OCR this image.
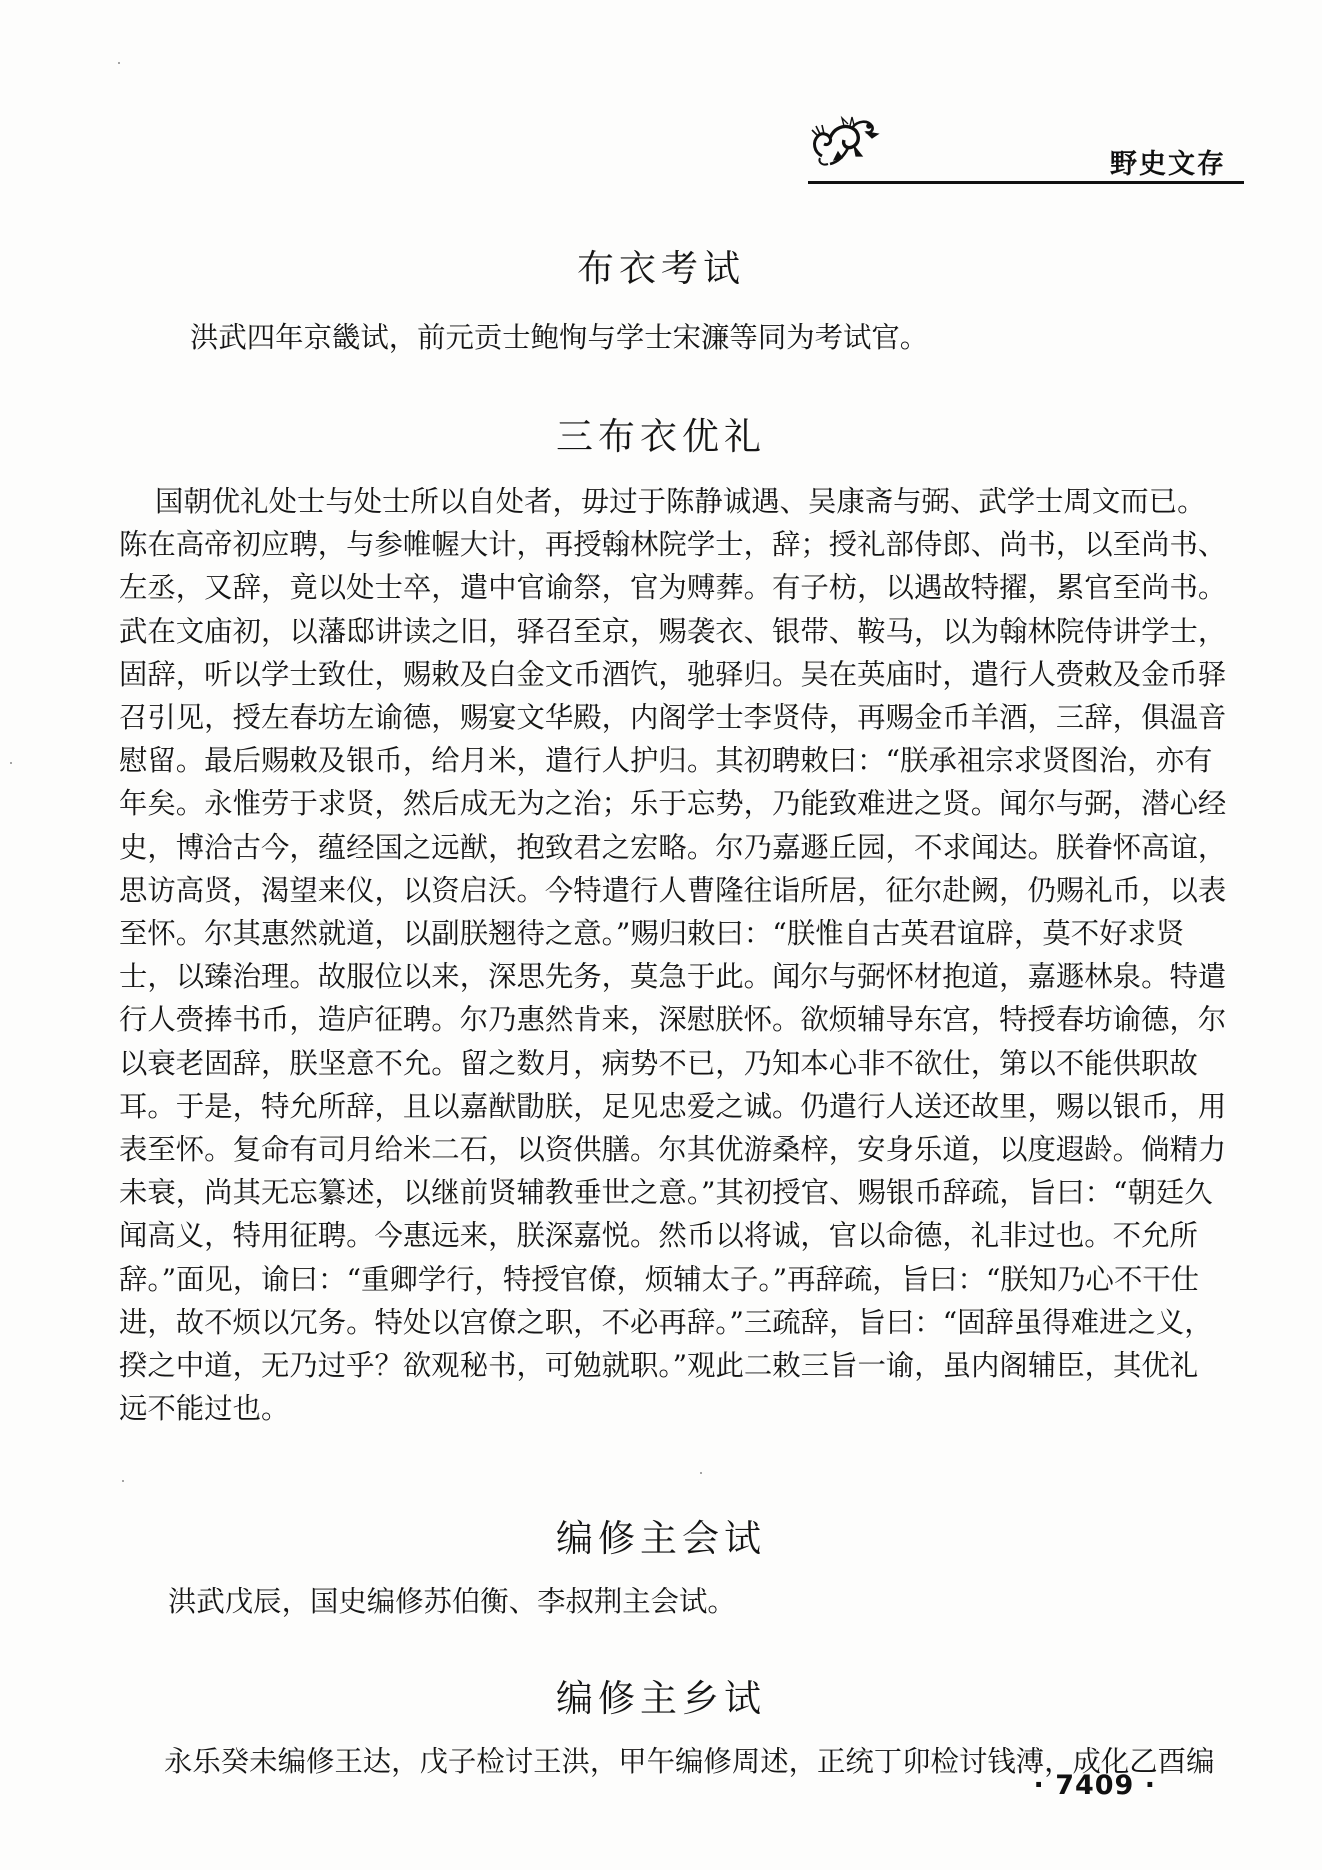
野史文存
布衣考试

洪武四年京畿试，前元贡士鲍恂与学士宋濂等同为考试官。

三布衣优礼

国朝优礼处士与处士所以自处者，毋过于陈静诚遇、吴康斋与弼、武学士周文而已。
陈在高帝初应聘，与参帷幄大计，再授翰林院学士，辞；授礼部侍郎、尚书，以至尚书、
左丞，又辞，竟以处士卒，遣中官谕祭，官为赙葬。有子枋，以遇故特擢，累官至尚书。
武在文庙初，以藩邸讲读之旧，驿召至京，赐袭衣、银带、鞍马，以为翰林院侍讲学士，
固辞，听以学士致仕，赐敕及白金文币酒饩，驰驿归。吴在英庙时，遣行人赍敕及金币驿
召引见，授左春坊左谕德，赐宴文华殿，内阁学士李贤侍，再赐金币羊酒，三辞，俱温音
慰留。最后赐敕及银币，给月米，遣行人护归。其初聘敕曰：“朕承祖宗求贤图治，亦有
年矣。永惟劳于求贤，然后成无为之治；乐于忘势，乃能致难进之贤。闻尔与弼，潜心经
史，博洽古今，蕴经国之远猷，抱致君之宏略。尔乃嘉遯丘园，不求闻达。朕眷怀高谊，
思访高贤，渴望来仪，以资启沃。今特遣行人曹隆往诣所居，征尔赴阙，仍赐礼币，以表
至怀。尔其惠然就道，以副朕翘待之意。”赐归敕曰：“朕惟自古英君谊辟，莫不好求贤
士，以臻治理。故服位以来，深思先务，莫急于此。闻尔与弼怀材抱道，嘉遯林泉。特遣
行人赍捧书币，造庐征聘。尔乃惠然肯来，深慰朕怀。欲烦辅导东宫，特授春坊谕德，尔
以衰老固辞，朕坚意不允。留之数月，病势不已，乃知本心非不欲仕，第以不能供职故
耳。于是，特允所辞，且以嘉猷勖朕，足见忠爱之诚。仍遣行人送还故里，赐以银币，用
表至怀。复命有司月给米二石，以资供膳。尔其优游桑梓，安身乐道，以度遐龄。倘精力
未衰，尚其无忘纂述，以继前贤辅教垂世之意。”其初授官、赐银币辞疏，旨曰：“朝廷久
闻高义，特用征聘。今惠远来，朕深嘉悦。然币以将诚，官以命德，礼非过也。不允所
辞。”面见，谕曰：“重卿学行，特授官僚，烦辅太子。”再辞疏，旨曰：“朕知乃心不干仕
进，故不烦以冗务。特处以宫僚之职，不必再辞。”三疏辞，旨曰：“固辞虽得难进之义，
揆之中道，无乃过乎？欲观秘书，可勉就职。”观此二敕三旨一谕，虽内阁辅臣，其优礼
远不能过也。

编修主会试

洪武戊辰，国史编修苏伯衡、李叔荆主会试。

编修主乡试

永乐癸未编修王达，戊子检讨王洪，甲午编修周述，正统丁卯检讨钱溥，成化乙酉编

· 7409 ·
